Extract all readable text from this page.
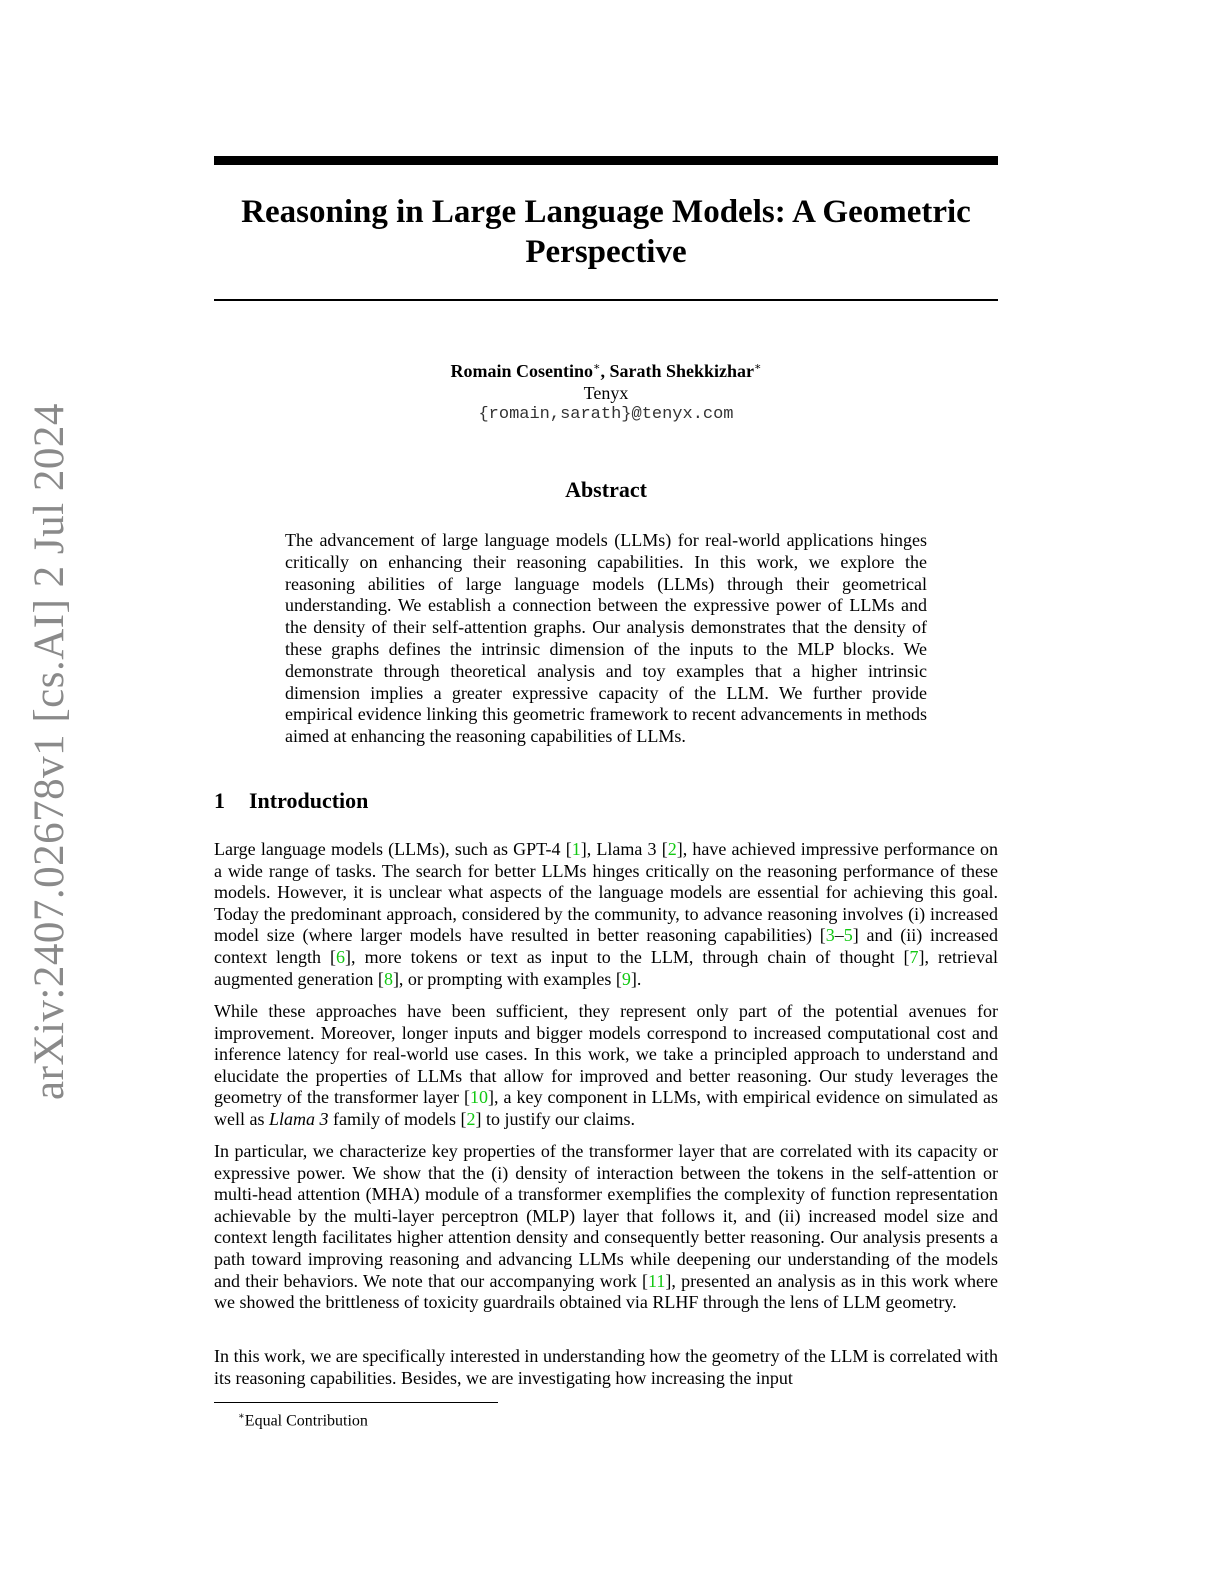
arXiv:2407.02678v1 [cs.AI] 2 Jul 2024
Reasoning in Large Language Models: A Geometric Perspective
Romain Cosentino∗, Sarath Shekkizhar∗
Tenyx
{romain,sarath}@tenyx.com
Abstract

The advancement of large language models (LLMs) for real-world applications hinges critically on enhancing their reasoning capabilities. In this work, we explore the reasoning abilities of large language models (LLMs) through their geometrical understanding. We establish a connection between the expressive power of LLMs and the density of their self-attention graphs. Our analysis demonstrates that the density of these graphs defines the intrinsic dimension of the inputs to the MLP blocks. We demonstrate through theoretical analysis and toy examples that a higher intrinsic dimension implies a greater expressive capacity of the LLM. We further provide empirical evidence linking this geometric framework to recent advancements in methods aimed at enhancing the reasoning capabilities of LLMs.

1 Introduction

Large language models (LLMs), such as GPT-4 [1], Llama 3 [2], have achieved impressive performance on a wide range of tasks. The search for better LLMs hinges critically on the reasoning performance of these models. However, it is unclear what aspects of the language models are essential for achieving this goal. Today the predominant approach, considered by the community, to advance reasoning involves (i) increased model size (where larger models have resulted in better reasoning capabilities) [3–5] and (ii) increased context length [6], more tokens or text as input to the LLM, through chain of thought [7], retrieval augmented generation [8], or prompting with examples [9].

While these approaches have been sufficient, they represent only part of the potential avenues for improvement. Moreover, longer inputs and bigger models correspond to increased computational cost and inference latency for real-world use cases. In this work, we take a principled approach to understand and elucidate the properties of LLMs that allow for improved and better reasoning. Our study leverages the geometry of the transformer layer [10], a key component in LLMs, with empirical evidence on simulated as well as Llama 3 family of models [2] to justify our claims.

In particular, we characterize key properties of the transformer layer that are correlated with its capacity or expressive power. We show that the (i) density of interaction between the tokens in the self-attention or multi-head attention (MHA) module of a transformer exemplifies the complexity of function representation achievable by the multi-layer perceptron (MLP) layer that follows it, and (ii) increased model size and context length facilitates higher attention density and consequently better reasoning. Our analysis presents a path toward improving reasoning and advancing LLMs while deepening our understanding of the models and their behaviors. We note that our accompanying work [11], presented an analysis as in this work where we showed the brittleness of toxicity guardrails obtained via RLHF through the lens of LLM geometry.

In this work, we are specifically interested in understanding how the geometry of the LLM is correlated with its reasoning capabilities. Besides, we are investigating how increasing the input

∗Equal Contribution
